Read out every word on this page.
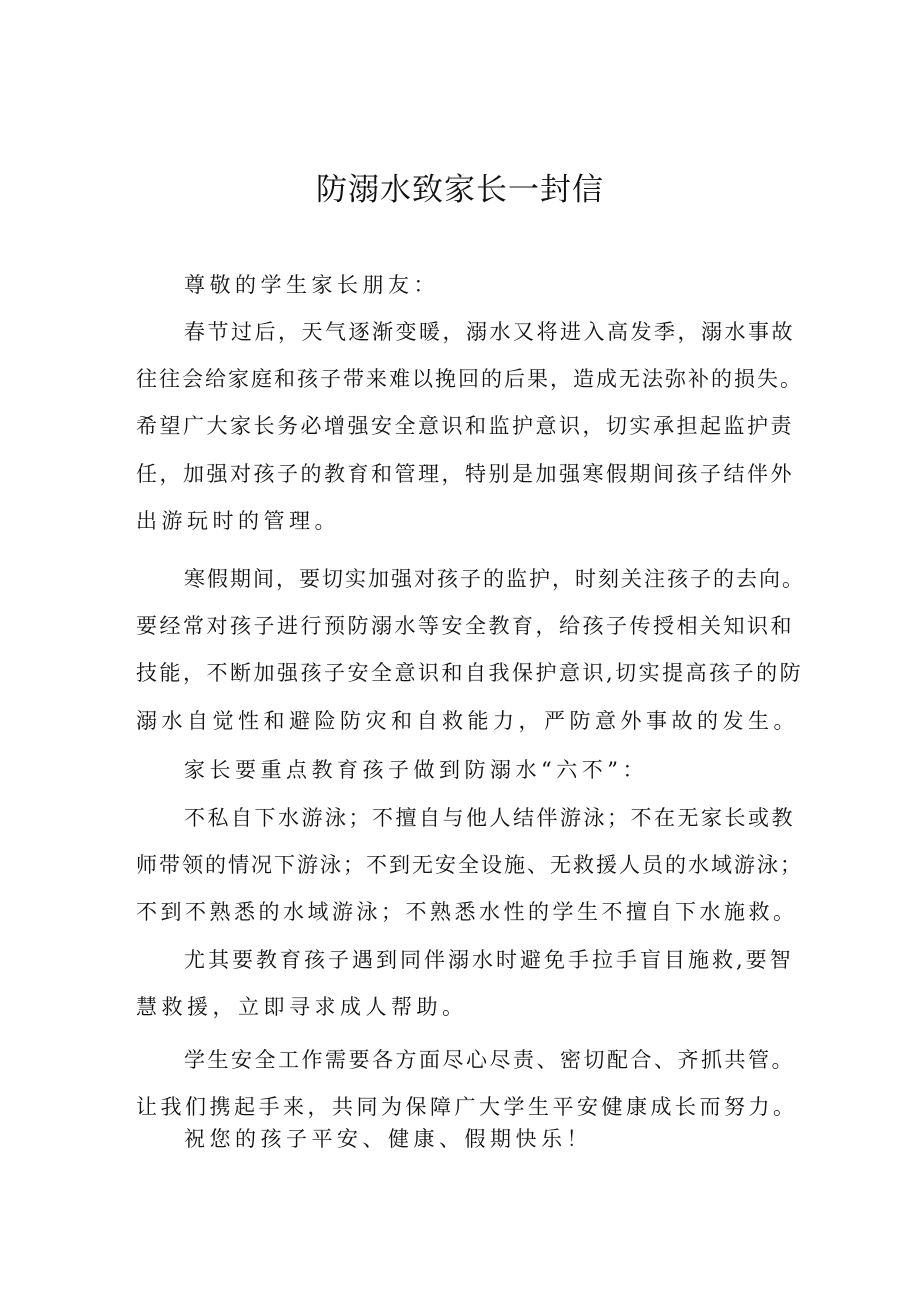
防溺水致家长一封信

尊敬的学生家长朋友：

春节过后，天气逐渐变暖，溺水又将进入高发季，溺水事故
往往会给家庭和孩子带来难以挽回的后果，造成无法弥补的损失。
希望广大家长务必增强安全意识和监护意识，切实承担起监护责
任，加强对孩子的教育和管理，特别是加强寒假期间孩子结伴外
出游玩时的管理。

寒假期间，要切实加强对孩子的监护，时刻关注孩子的去向。
要经常对孩子进行预防溺水等安全教育，给孩子传授相关知识和
技能，不断加强孩子安全意识和自我保护意识,切实提高孩子的防
溺水自觉性和避险防灾和自救能力，严防意外事故的发生。

家长要重点教育孩子做到防溺水“六不”：

不私自下水游泳；不擅自与他人结伴游泳；不在无家长或教
师带领的情况下游泳；不到无安全设施、无救援人员的水域游泳；
不到不熟悉的水域游泳；不熟悉水性的学生不擅自下水施救。

尤其要教育孩子遇到同伴溺水时避免手拉手盲目施救,要智
慧救援，立即寻求成人帮助。

学生安全工作需要各方面尽心尽责、密切配合、齐抓共管。
让我们携起手来，共同为保障广大学生平安健康成长而努力。

祝您的孩子平安、健康、假期快乐！
